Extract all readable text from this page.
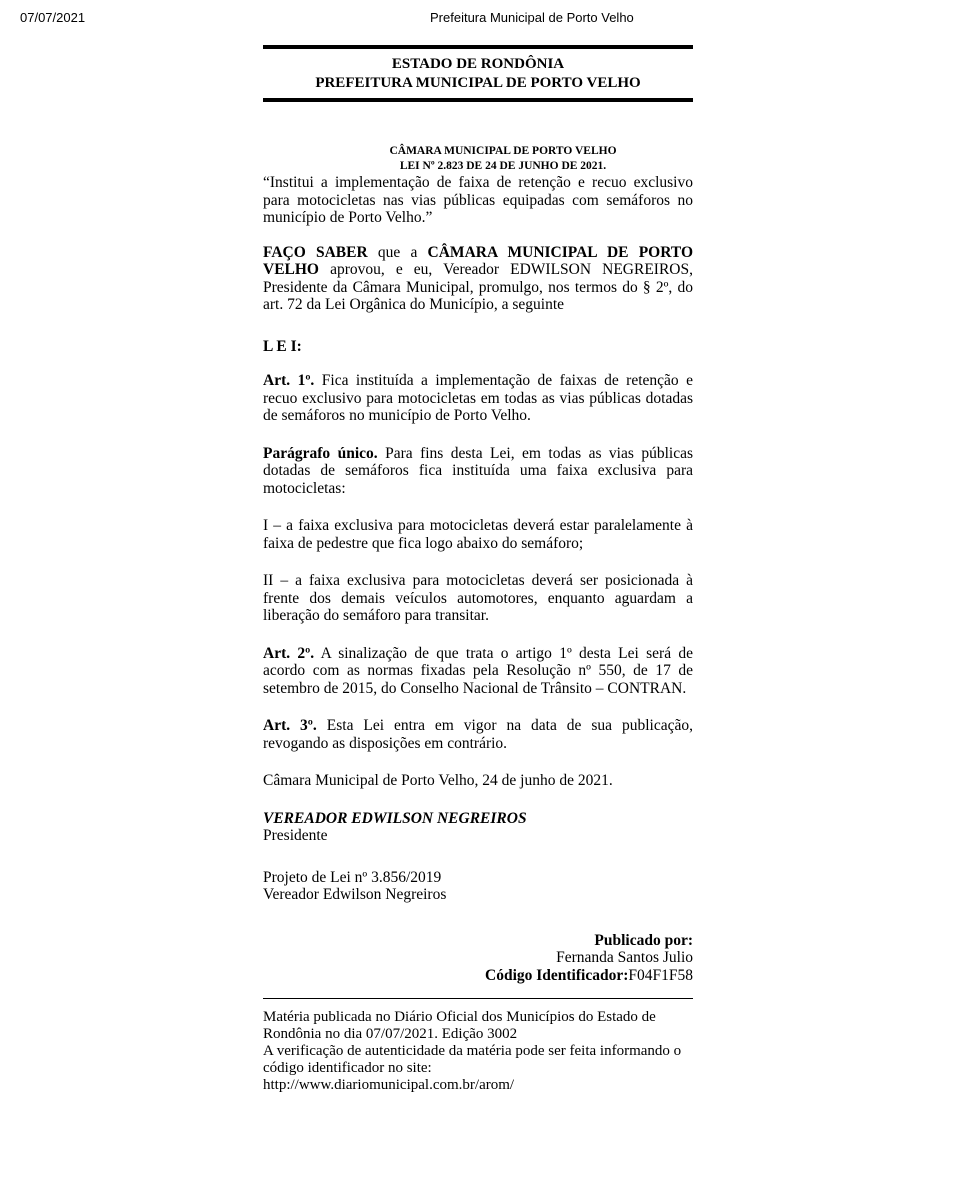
07/07/2021	Prefeitura Municipal de Porto Velho
ESTADO DE RONDÔNIA
PREFEITURA MUNICIPAL DE PORTO VELHO
CÂMARA MUNICIPAL DE PORTO VELHO
LEI Nº 2.823 DE 24 DE JUNHO DE 2021.

“Institui a implementação de faixa de retenção e recuo exclusivo para motocicletas nas vias públicas equipadas com semáforos no município de Porto Velho.”

FAÇO SABER que a CÂMARA MUNICIPAL DE PORTO VELHO aprovou, e eu, Vereador EDWILSON NEGREIROS, Presidente da Câmara Municipal, promulgo, nos termos do § 2º, do art. 72 da Lei Orgânica do Município, a seguinte

L E I:

Art. 1º. Fica instituída a implementação de faixas de retenção e recuo exclusivo para motocicletas em todas as vias públicas dotadas de semáforos no município de Porto Velho.

Parágrafo único. Para fins desta Lei, em todas as vias públicas dotadas de semáforos fica instituída uma faixa exclusiva para motocicletas:

I – a faixa exclusiva para motocicletas deverá estar paralelamente à faixa de pedestre que fica logo abaixo do semáforo;

II – a faixa exclusiva para motocicletas deverá ser posicionada à frente dos demais veículos automotores, enquanto aguardam a liberação do semáforo para transitar.

Art. 2º. A sinalização de que trata o artigo 1º desta Lei será de acordo com as normas fixadas pela Resolução nº 550, de 17 de setembro de 2015, do Conselho Nacional de Trânsito – CONTRAN.

Art. 3º. Esta Lei entra em vigor na data de sua publicação, revogando as disposições em contrário.

Câmara Municipal de Porto Velho, 24 de junho de 2021.

VEREADOR EDWILSON NEGREIROS
Presidente
Projeto de Lei nº 3.856/2019
Vereador Edwilson Negreiros
Publicado por:
Fernanda Santos Julio
Código Identificador:F04F1F58
Matéria publicada no Diário Oficial dos Municípios do Estado de Rondônia no dia 07/07/2021. Edição 3002
A verificação de autenticidade da matéria pode ser feita informando o código identificador no site:
http://www.diariomunicipal.com.br/arom/
